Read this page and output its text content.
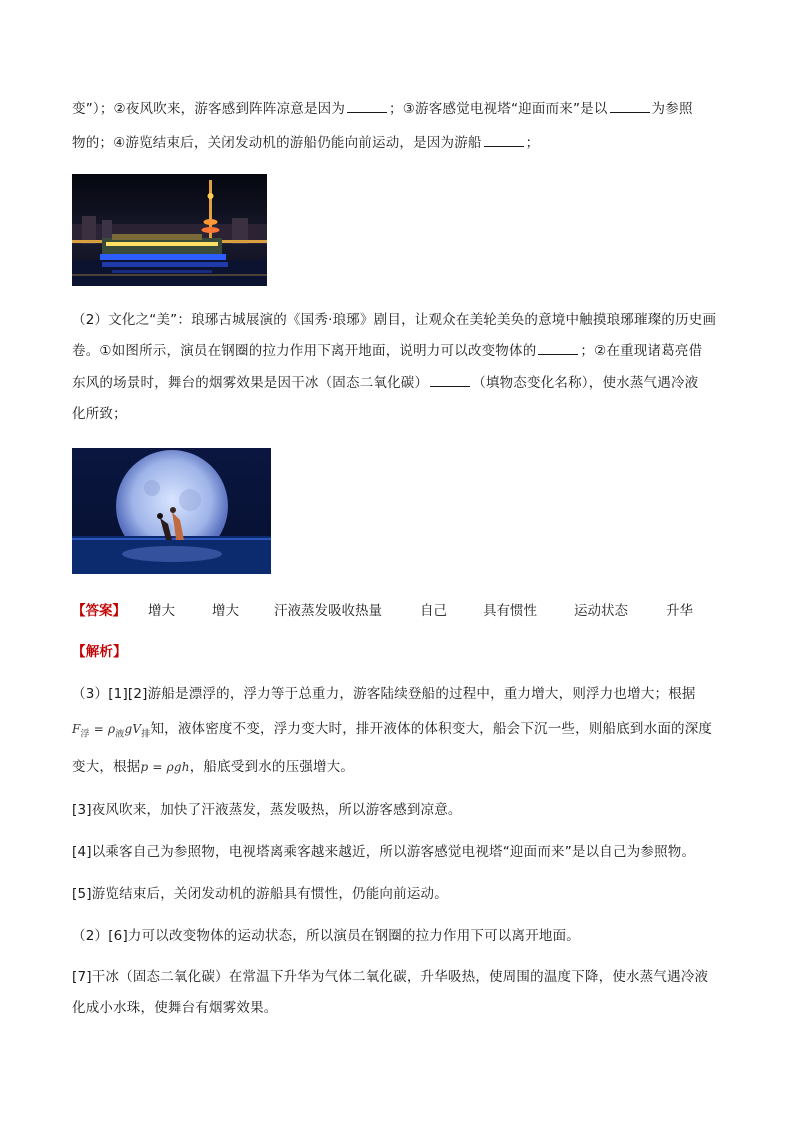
变”）；②夜风吹来，游客感到阵阵凉意是因为	；③游客感觉电视塔“迎面而来”是以	为参照
物的；④游览结束后，关闭发动机的游船仍能向前运动，是因为游船	；
（2）文化之“美”：琅琊古城展演的《国秀·琅琊》剧目，让观众在美轮美奂的意境中触摸琅琊璀璨的历史画
卷。①如图所示，演员在钢圈的拉力作用下离开地面，说明力可以改变物体的	；②在重现诸葛亮借
东风的场景时，舞台的烟雾效果是因干冰（固态二氧化碳）	（填物态变化名称），使水蒸气遇冷液
化所致；
【答案】 增大	增大	汗液蒸发吸收热量	自己	具有惯性	运动状态	升华
【解析】
（3）[1][2]游船是漂浮的，浮力等于总重力，游客陆续登船的过程中，重力增大，则浮力也增大；根据
$F_浮 = \rho_液gV_排$知，液体密度不变，浮力变大时，排开液体的体积变大，船会下沉一些，则船底到水面的深度
变大，根据p = ρgh，船底受到水的压强增大。
[3]夜风吹来，加快了汗液蒸发，蒸发吸热，所以游客感到凉意。
[4]以乘客自己为参照物，电视塔离乘客越来越近，所以游客感觉电视塔“迎面而来”是以自己为参照物。
[5]游览结束后，关闭发动机的游船具有惯性，仍能向前运动。
（2）[6]力可以改变物体的运动状态，所以演员在钢圈的拉力作用下可以离开地面。
[7]干冰（固态二氧化碳）在常温下升华为气体二氧化碳，升华吸热，使周围的温度下降，使水蒸气遇冷液
化成小水珠，使舞台有烟雾效果。
